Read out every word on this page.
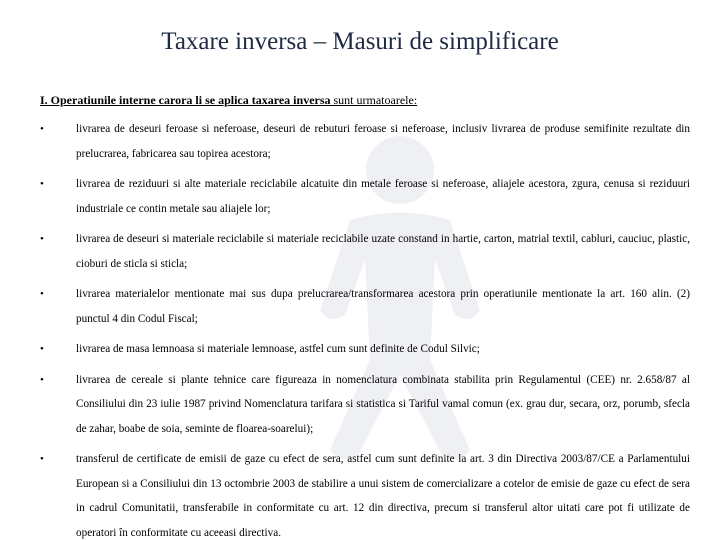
Taxare inversa – Masuri de simplificare

I. Operatiunile interne carora li se aplica taxarea inversa sunt urmatoarele:

•	livrarea de deseuri feroase si neferoase, deseuri de rebuturi feroase si neferoase, inclusiv livrarea de produse semifinite rezultate din prelucrarea, fabricarea sau topirea acestora;
•	livrarea de reziduuri si alte materiale reciclabile alcatuite din metale feroase si neferoase, aliajele acestora, zgura, cenusa si reziduuri industriale ce contin metale sau aliajele lor;
•	livrarea de deseuri si materiale reciclabile si materiale reciclabile uzate constand in hartie, carton, matrial textil, cabluri, cauciuc, plastic, cioburi de sticla si sticla;
•	livrarea materialelor mentionate mai sus dupa prelucrarea/transformarea acestora prin operatiunile mentionate la art. 160 alin. (2) punctul 4 din Codul Fiscal;
•	livrarea de masa lemnoasa si materiale lemnoase, astfel cum sunt definite de Codul Silvic;
•	livrarea de cereale si plante tehnice care figureaza in nomenclatura combinata stabilita prin Regulamentul (CEE) nr. 2.658/87 al Consiliului din 23 iulie 1987 privind Nomenclatura tarifara si statistica si Tariful vamal comun (ex. grau dur, secara, orz, porumb, sfecla de zahar, boabe de soia, seminte de floarea-soarelui);
•	transferul de certificate de emisii de gaze cu efect de sera, astfel cum sunt definite la art. 3 din Directiva 2003/87/CE a Parlamentului European si a Consiliului din 13 octombrie 2003 de stabilire a unui sistem de comercializare a cotelor de emisie de gaze cu efect de sera in cadrul Comunitatii, transferabile in conformitate cu art. 12 din directiva, precum si transferul altor uitati care pot fi utilizate de operatori în conformitate cu aceeasi directiva.
